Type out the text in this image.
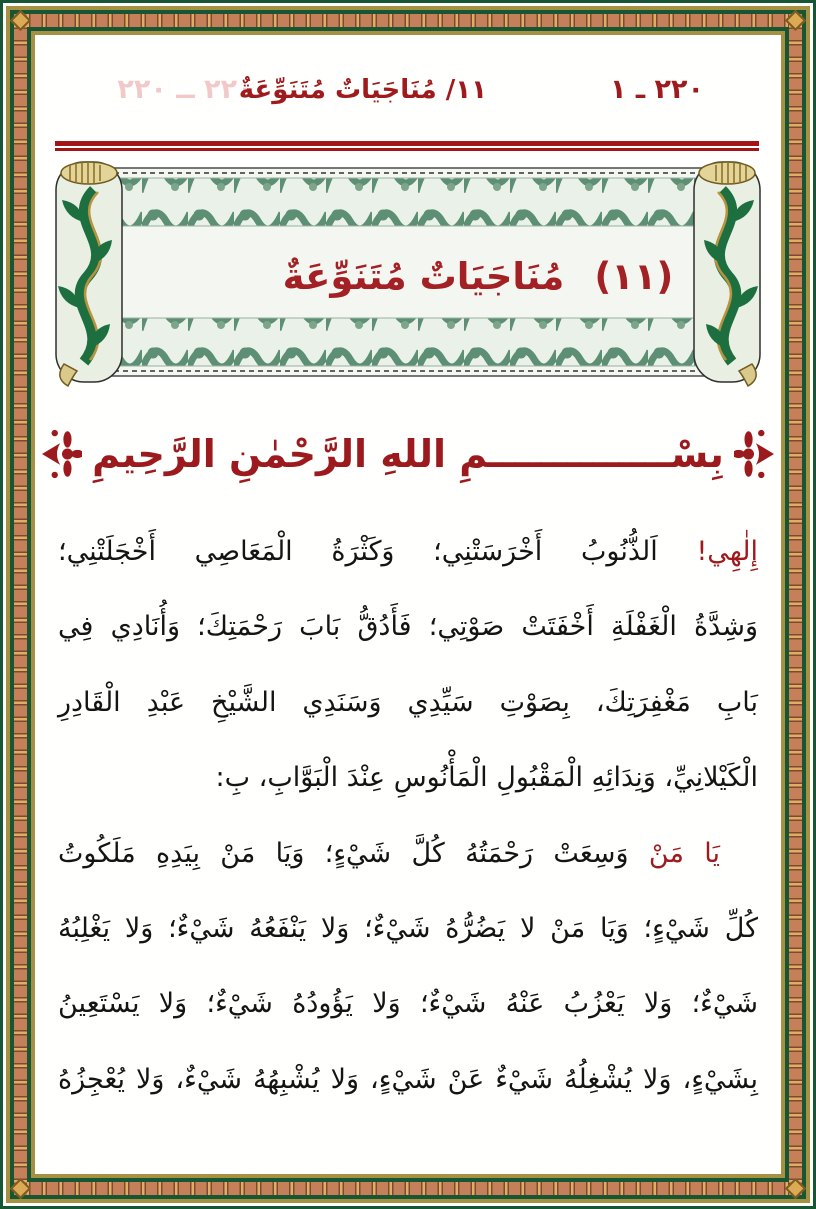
٢٢٠ ــ ٢٢٠
١١/ مُنَاجَيَاتٌ مُتَنَوِّعَةٌ	٢٢٠ ـ ١
(١١)
مُنَاجَيَاتٌ مُتَنَوِّعَةٌ
بِسْــــــــــــــمِ اللهِ الرَّحْمٰنِ الرَّحِيمِ
إِلٰهِي! اَلذُّنُوبُ أَخْرَسَتْنِي؛ وَكَثْرَةُ الْمَعَاصِي أَخْجَلَتْنِي؛
وَشِدَّةُ الْغَفْلَةِ أَخْفَتَتْ صَوْتِي؛ فَأَدُقُّ بَابَ رَحْمَتِكَ؛ وَأُنَادِي فِي
بَابِ مَغْفِرَتِكَ، بِصَوْتِ سَيِّدِي وَسَنَدِي الشَّيْخِ عَبْدِ الْقَادِرِ
الْكَيْلانِيِّ، وَنِدَائِهِ الْمَقْبُولِ الْمَأْنُوسِ عِنْدَ الْبَوَّابِ، بِ:
يَا مَنْ وَسِعَتْ رَحْمَتُهُ كُلَّ شَيْءٍ؛ وَيَا مَنْ بِيَدِهِ مَلَكُوتُ
كُلِّ شَيْءٍ؛ وَيَا مَنْ لا يَضُرُّهُ شَيْءٌ؛ وَلا يَنْفَعُهُ شَيْءٌ؛ وَلا يَغْلِبُهُ
شَيْءٌ؛ وَلا يَعْزُبُ عَنْهُ شَيْءٌ؛ وَلا يَؤُودُهُ شَيْءٌ؛ وَلا يَسْتَعِينُ
بِشَيْءٍ، وَلا يُشْغِلُهُ شَيْءٌ عَنْ شَيْءٍ، وَلا يُشْبِهُهُ شَيْءٌ، وَلا يُعْجِزُهُ
